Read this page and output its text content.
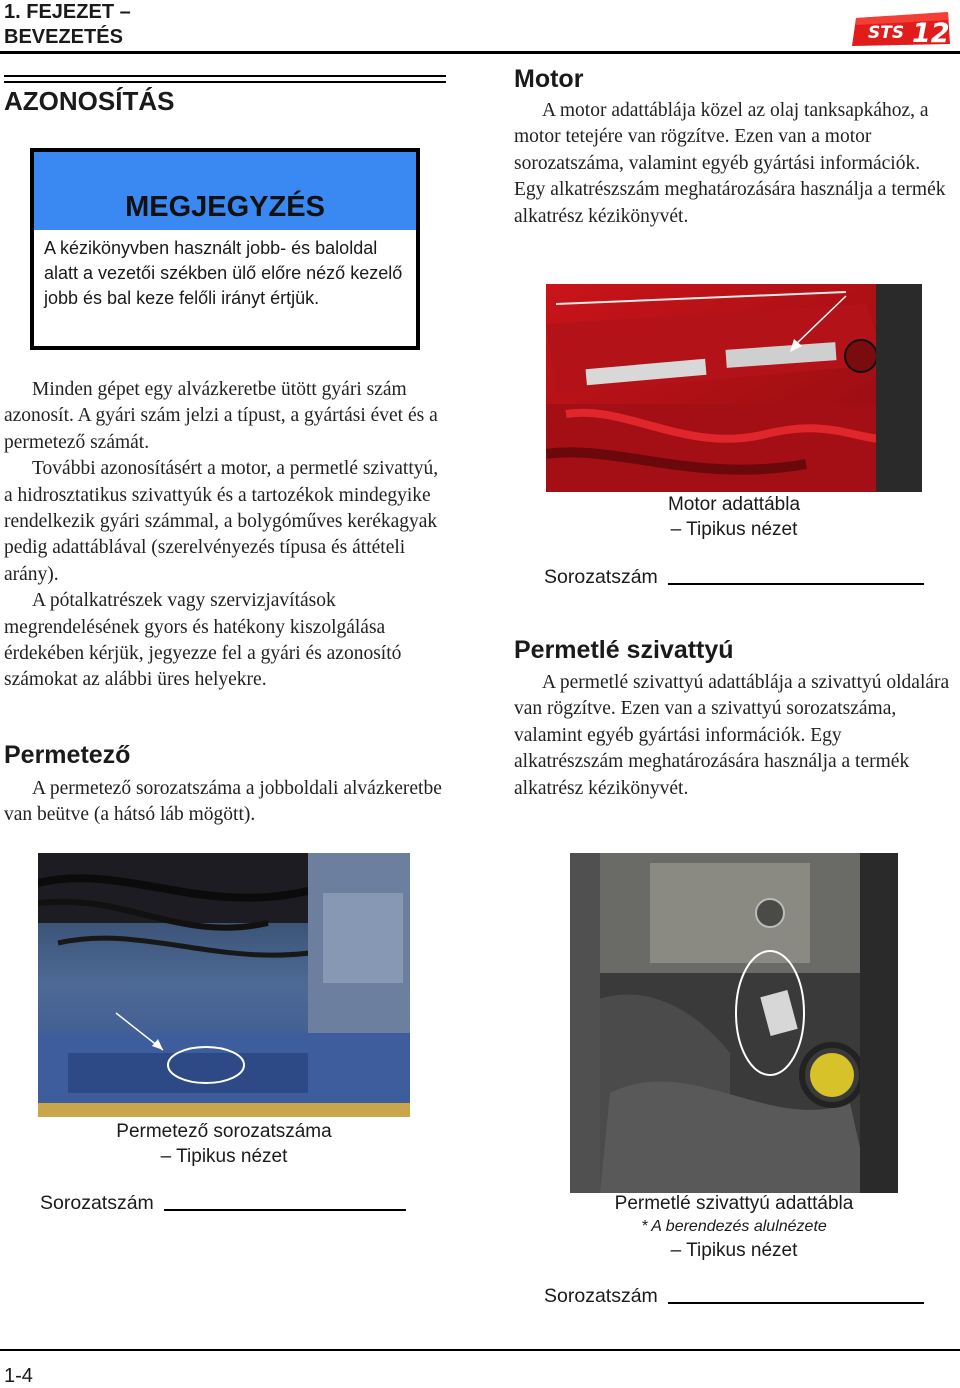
1. FEJEZET –
BEVEZETÉS	STS 12
AZONOSÍTÁS
MEGJEGYZÉS
A kézikönyvben használt jobb- és baloldal alatt a vezetői székben ülő előre néző kezelő jobb és bal keze felőli irányt értjük.

Minden gépet egy alvázkeretbe ütött gyári szám azonosít. A gyári szám jelzi a típust, a gyártási évet és a permetező számát.

További azonosításért a motor, a permetlé szivattyú, a hidrosztatikus szivattyúk és a tartozékok mindegyike rendelkezik gyári számmal, a bolygóműves kerékagyak pedig adattáblával (szerelvényezés típusa és áttételi arány).

A pótalkatrészek vagy szervizjavítások megrendelésének gyors és hatékony kiszolgálása érdekében kérjük, jegyezze fel a gyári és azonosító számokat az alábbi üres helyekre.

Permetező

A permetező sorozatszáma a jobboldali alvázkeretbe van beütve (a hátsó láb mögött).

Permetező sorozatszáma
– Tipikus nézet
Sorozatszám
Motor

A motor adattáblája közel az olaj tanksapkához, a motor tetejére van rögzítve. Ezen van a motor sorozatszáma, valamint egyéb gyártási információk. Egy alkatrészszám meghatározására használja a termék alkatrész kézikönyvét.

Motor adattábla
– Tipikus nézet
Sorozatszám
Permetlé szivattyú

A permetlé szivattyú adattáblája a szivattyú oldalára van rögzítve. Ezen van a szivattyú sorozatszáma, valamint egyéb gyártási információk. Egy alkatrészszám meghatározására használja a termék alkatrész kézikönyvét.

Permetlé szivattyú adattábla
* A berendezés alulnézete
– Tipikus nézet
Sorozatszám
1-4
